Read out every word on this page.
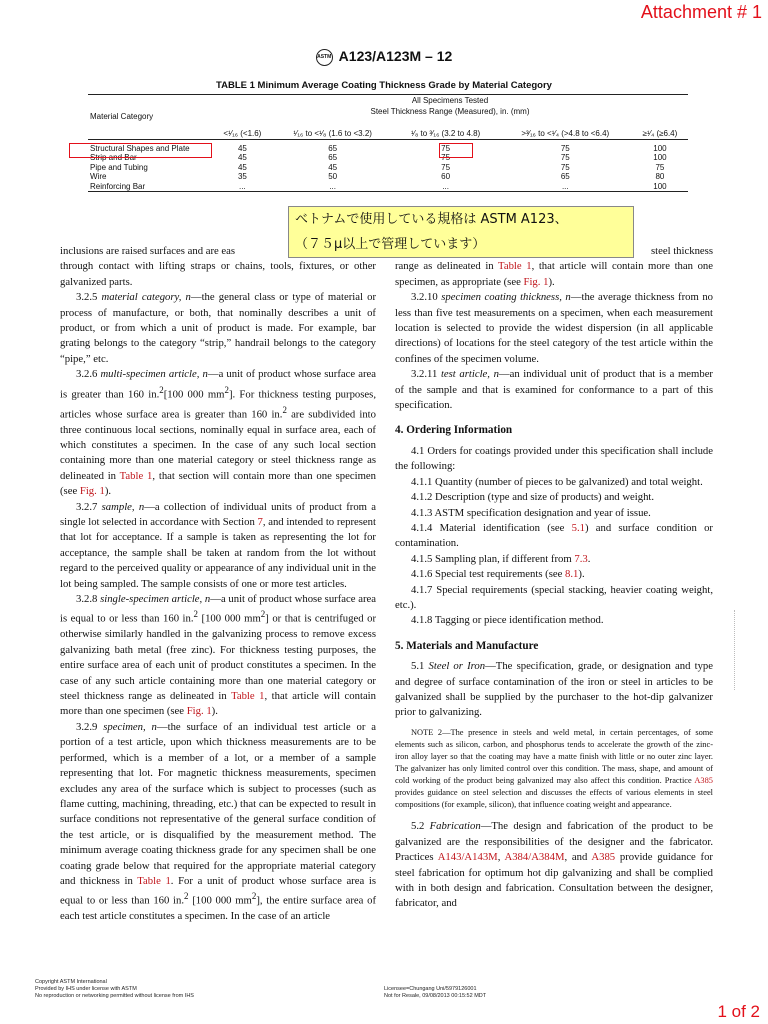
Attachment # 1
ASTM A123/A123M – 12
TABLE 1 Minimum Average Coating Thickness Grade by Material Category
Material Category	All Specimens Tested				
	Steel Thickness Range (Measured), in. (mm)				
	<¹⁄₁₆ (<1.6)	¹⁄₁₆ to <¹⁄₈ (1.6 to <3.2)	¹⁄₈ to ³⁄₁₆ (3.2 to 4.8)	>³⁄₁₆ to <¹⁄₄ (>4.8 to <6.4)	≥¹⁄₄ (≥6.4)
Structural Shapes and Plate	45	65	75	75	100
Strip and Bar	45	65	75	75	100
Pipe and Tubing	45	45	75	75	75
Wire	35	50	60	65	80
Reinforcing Bar	...	...	...	...	100

inclusions are raised surfaces and are eas

through contact with lifting straps or chains, tools, fixtures, or other galvanized parts.

3.2.5 material category, n—the general class or type of material or process of manufacture, or both, that nominally describes a unit of product, or from which a unit of product is made. For example, bar grating belongs to the category “strip,” handrail belongs to the category “pipe,” etc.

3.2.6 multi-specimen article, n—a unit of product whose surface area is greater than 160 in.$^2$[100 000 $mm^2$]. For thickness testing purposes, articles whose surface area is greater than 160 in.$^2$ are subdivided into three continuous local sections, nominally equal in surface area, each of which constitutes a specimen. In the case of any such local section containing more than one material category or steel thickness range as delineated in Table 1, that section will contain more than one specimen (see Fig. 1).

3.2.7 sample, n—a collection of individual units of product from a single lot selected in accordance with Section 7, and intended to represent that lot for acceptance. If a sample is taken as representing the lot for acceptance, the sample shall be taken at random from the lot without regard to the perceived quality or appearance of any individual unit in the lot being sampled. The sample consists of one or more test articles.

3.2.8 single-specimen article, n—a unit of product whose surface area is equal to or less than 160 in.$^2$ [100 000 $mm^2$] or that is centrifuged or otherwise similarly handled in the galvanizing process to remove excess galvanizing bath metal (free zinc). For thickness testing purposes, the entire surface area of each unit of product constitutes a specimen. In the case of any such article containing more than one material category or steel thickness range as delineated in Table 1, that article will contain more than one specimen (see Fig. 1).

3.2.9 specimen, n—the surface of an individual test article or a portion of a test article, upon which thickness measurements are to be performed, which is a member of a lot, or a member of a sample representing that lot. For magnetic thickness measurements, specimen excludes any area of the surface which is subject to processes (such as flame cutting, machining, threading, etc.) that can be expected to result in surface conditions not representative of the general surface condition of the test article, or is disqualified by the measurement method. The minimum average coating thickness grade for any specimen shall be one coating grade below that required for the appropriate material category and thickness in Table 1. For a unit of product whose surface area is equal to or less than 160 in.$^2$ [100 000 $mm^2$], the entire surface area of each test article constitutes a specimen. In the case of an article

steel thickness

range as delineated in Table 1, that article will contain more than one specimen, as appropriate (see Fig. 1).

3.2.10 specimen coating thickness, n—the average thickness from no less than five test measurements on a specimen, when each measurement location is selected to provide the widest dispersion (in all applicable directions) of locations for the steel category of the test article within the confines of the specimen volume.

3.2.11 test article, n—an individual unit of product that is a member of the sample and that is examined for conformance to a part of this specification.

4. Ordering Information

4.1 Orders for coatings provided under this specification shall include the following:

4.1.1 Quantity (number of pieces to be galvanized) and total weight.

4.1.2 Description (type and size of products) and weight.

4.1.3 ASTM specification designation and year of issue.

4.1.4 Material identification (see 5.1) and surface condition or contamination.

4.1.5 Sampling plan, if different from 7.3.

4.1.6 Special test requirements (see 8.1).

4.1.7 Special requirements (special stacking, heavier coating weight, etc.).

4.1.8 Tagging or piece identification method.

5. Materials and Manufacture

5.1 Steel or Iron—The specification, grade, or designation and type and degree of surface contamination of the iron or steel in articles to be galvanized shall be supplied by the purchaser to the hot-dip galvanizer prior to galvanizing.

NOTE 2—The presence in steels and weld metal, in certain percentages, of some elements such as silicon, carbon, and phosphorus tends to accelerate the growth of the zinc-iron alloy layer so that the coating may have a matte finish with little or no outer zinc layer. The galvanizer has only limited control over this condition. The mass, shape, and amount of cold working of the product being galvanized may also affect this condition. Practice A385 provides guidance on steel selection and discusses the effects of various elements in steel compositions (for example, silicon), that influence coating weight and appearance.

5.2 Fabrication—The design and fabrication of the product to be galvanized are the responsibilities of the designer and the fabricator. Practices A143/A143M, A384/A384M, and A385 provide guidance for steel fabrication for optimum hot dip galvanizing and shall be complied with in both design and fabrication. Consultation between the designer, fabricator, and

ベトナムで使用している規格は ASTM A123、
（７５μ以上で管理しています）
Copyright ASTM International
Provided by IHS under license with ASTM
No reproduction or networking permitted without license from IHS
Licensee=Chungang Uni/5979126001
Not for Resale, 09/08/2013 00:15:52 MDT
1 of 2
